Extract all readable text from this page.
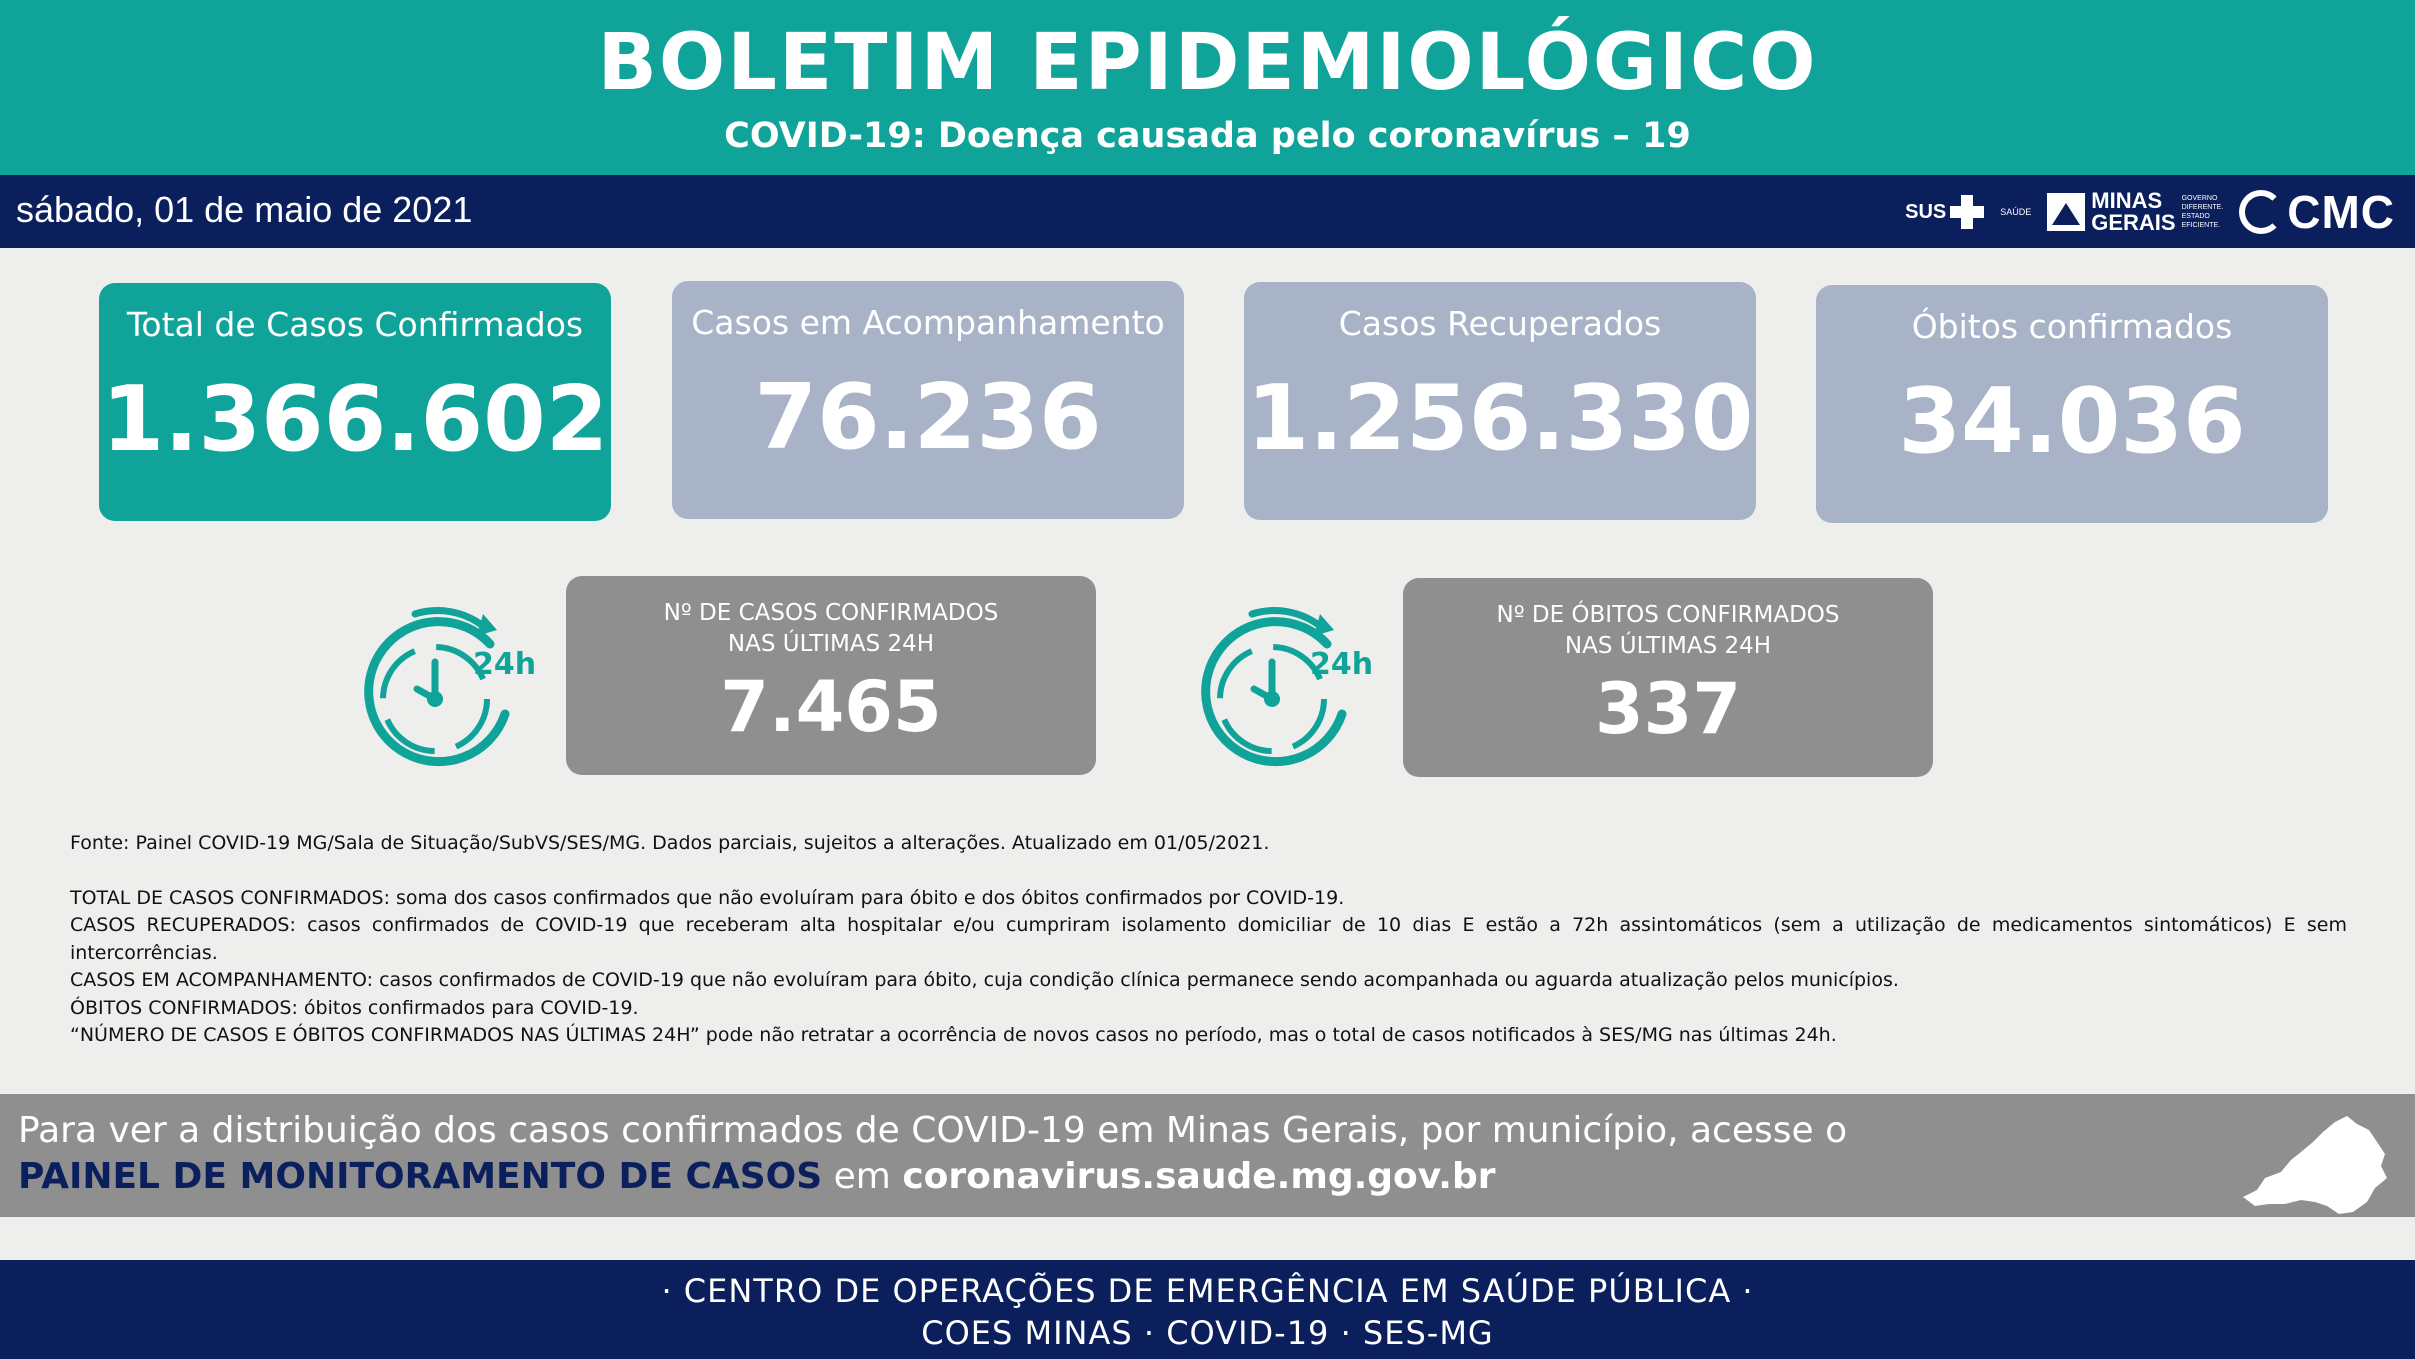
BOLETIM EPIDEMIOLÓGICO
COVID-19: Doença causada pelo coronavírus – 19
sábado, 01 de maio de 2021	SUS	SAÚDE	MINAS
GERAIS
GOVERNO
DIFERENTE.
ESTADO
EFICIENTE. CMC
Total de Casos Confirmados
1.366.602
Casos em Acompanhamento
76.236
Casos Recuperados
1.256.330
Óbitos confirmados
34.036
24h
Nº DE CASOS CONFIRMADOS
NAS ÚLTIMAS 24H
7.465
24h
Nº DE ÓBITOS CONFIRMADOS
NAS ÚLTIMAS 24H
337

Fonte: Painel COVID-19 MG/Sala de Situação/SubVS/SES/MG. Dados parciais, sujeitos a alterações. Atualizado em 01/05/2021.

TOTAL DE CASOS CONFIRMADOS: soma dos casos confirmados que não evoluíram para óbito e dos óbitos confirmados por COVID-19.

CASOS RECUPERADOS: casos confirmados de COVID-19 que receberam alta hospitalar e/ou cumpriram isolamento domiciliar de 10 dias E estão a 72h assintomáticos (sem a utilização de medicamentos sintomáticos) E sem intercorrências.

CASOS EM ACOMPANHAMENTO: casos confirmados de COVID-19 que não evoluíram para óbito, cuja condição clínica permanece sendo acompanhada ou aguarda atualização pelos municípios.

ÓBITOS CONFIRMADOS: óbitos confirmados para COVID-19.

“NÚMERO DE CASOS E ÓBITOS CONFIRMADOS NAS ÚLTIMAS 24H” pode não retratar a ocorrência de novos casos no período, mas o total de casos notificados à SES/MG nas últimas 24h.

Para ver a distribuição dos casos confirmados de COVID-19 em Minas Gerais, por município, acesse o
PAINEL DE MONITORAMENTO DE CASOS em coronavirus.saude.mg.gov.br
· CENTRO DE OPERAÇÕES DE EMERGÊNCIA EM SAÚDE PÚBLICA ·
COES MINAS · COVID-19 · SES-MG
